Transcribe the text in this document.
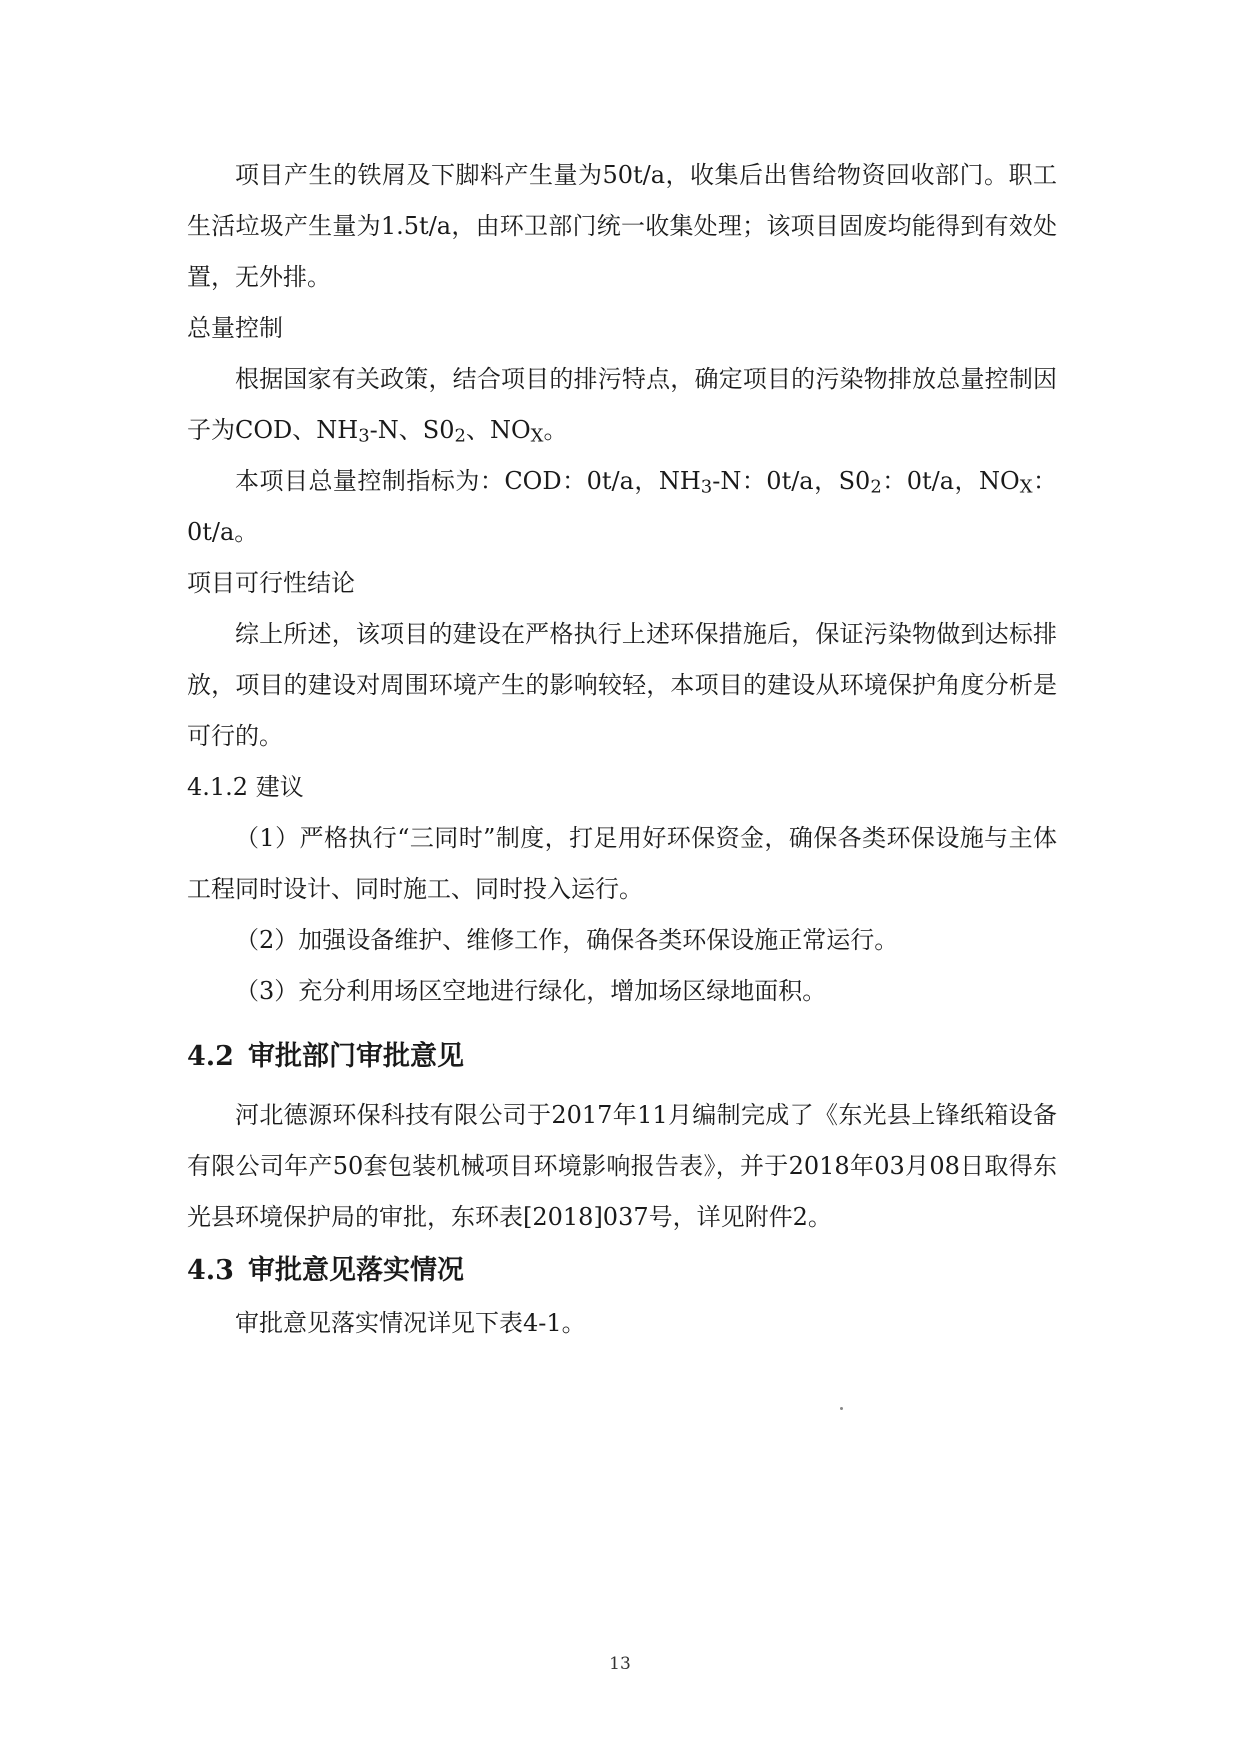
项目产生的铁屑及下脚料产生量为50t/a，收集后出售给物资回收部门。职工生活垃圾产生量为1.5t/a，由环卫部门统一收集处理；该项目固废均能得到有效处置，无外排。

总量控制

根据国家有关政策，结合项目的排污特点，确定项目的污染物排放总量控制因子为COD、$NH_3-N$、$S0_2$、$NO_X$。

本项目总量控制指标为：COD：0t/a，$NH_3-N$：0t/a，$S0_2$：0t/a，$NO_X$：0t/a。

项目可行性结论

综上所述，该项目的建设在严格执行上述环保措施后，保证污染物做到达标排放，项目的建设对周围环境产生的影响较轻，本项目的建设从环境保护角度分析是可行的。

4.1.2 建议

（1）严格执行“三同时”制度，打足用好环保资金，确保各类环保设施与主体工程同时设计、同时施工、同时投入运行。

（2）加强设备维护、维修工作，确保各类环保设施正常运行。

（3）充分利用场区空地进行绿化，增加场区绿地面积。

4.2 审批部门审批意见

河北德源环保科技有限公司于2017年11月编制完成了《东光县上锋纸箱设备有限公司年产50套包装机械项目环境影响报告表》，并于2018年03月08日取得东光县环境保护局的审批，东环表[2018]037号，详见附件2。

4.3 审批意见落实情况

审批意见落实情况详见下表4-1。

13
